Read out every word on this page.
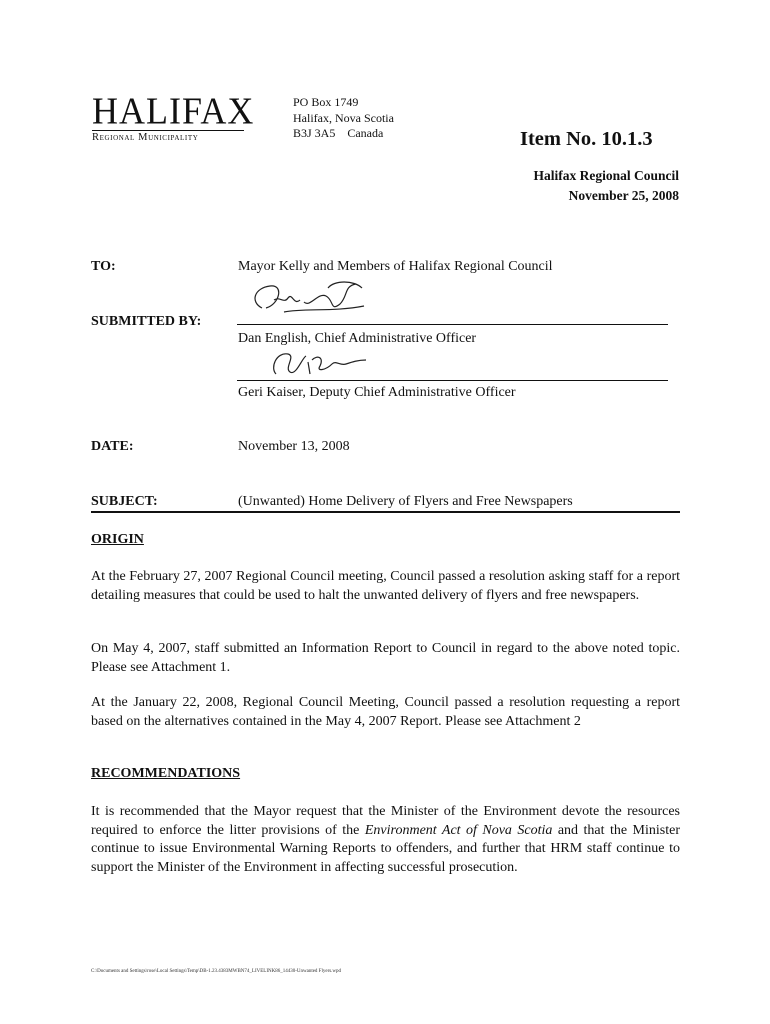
HALIFAX
Regional Municipality
PO Box 1749
Halifax, Nova Scotia
B3J 3A5    Canada	Item No. 10.1.3
Halifax Regional Council
November 25, 2008
TO:	Mayor Kelly and Members of Halifax Regional Council
SUBMITTED BY:
Dan English, Chief Administrative Officer
Geri Kaiser, Deputy Chief Administrative Officer
DATE:	November 13, 2008
SUBJECT:	(Unwanted) Home Delivery of Flyers and Free Newspapers
ORIGIN
At the February 27, 2007 Regional Council meeting, Council passed a resolution asking staff for a report detailing measures that could be used to halt the unwanted delivery of flyers and free newspapers.
On May 4, 2007, staff submitted an Information Report to Council in regard to the above noted topic. Please see Attachment 1.
At the January 22, 2008, Regional Council Meeting, Council passed a resolution requesting a report based on the alternatives contained in the May 4, 2007 Report. Please see Attachment 2
RECOMMENDATIONS
It is recommended that the Mayor request that the Minister of the Environment devote the resources required to enforce the litter provisions of the Environment Act of Nova Scotia and that the Minister continue to issue Environmental Warning Reports to offenders, and further that HRM staff continue to support the Minister of the Environment in affecting successful prosecution.
C:\Documents and Settings\rose\Local Settings\Temp\DB-1.23.4383MWBN74_LIVELINK86_14430-Unwanted Flyers.wpd
